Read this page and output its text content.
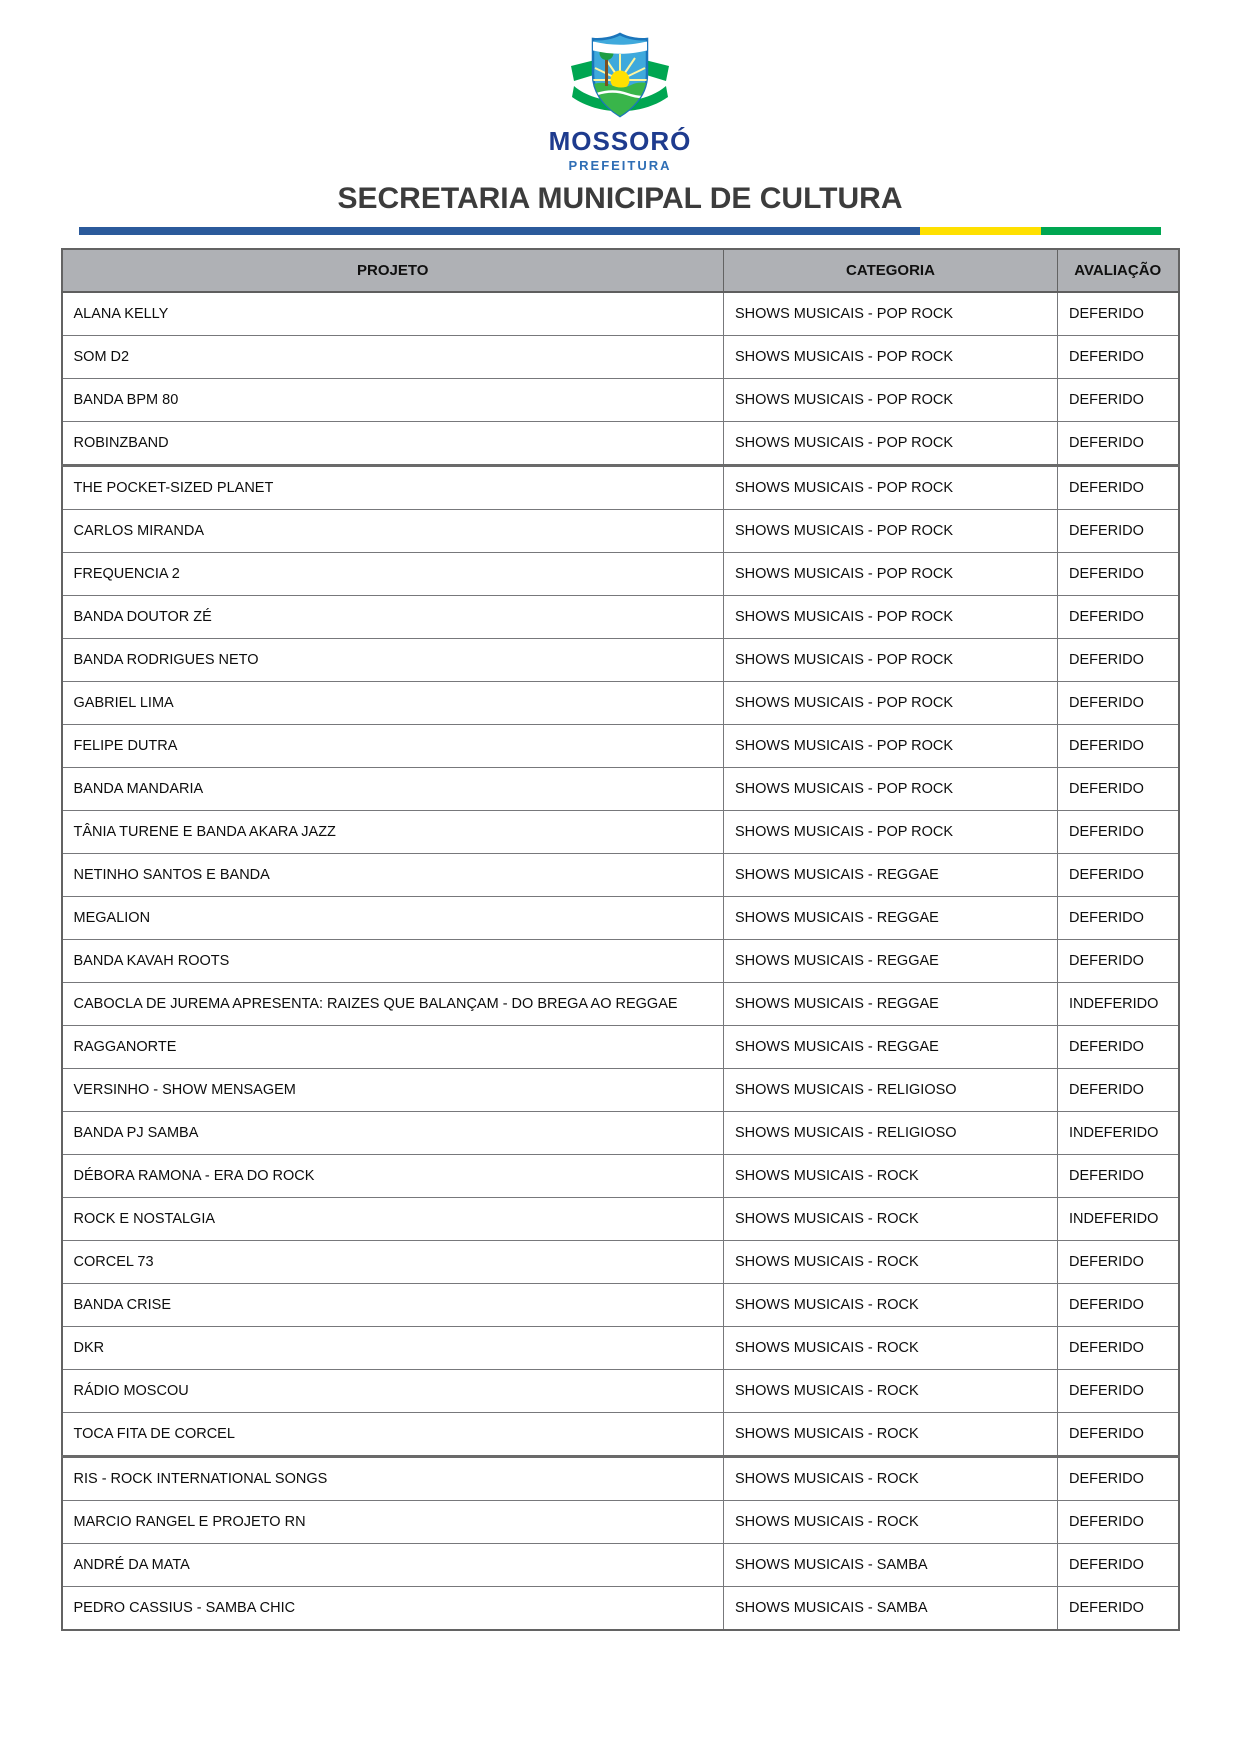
MOSSORÓ
PREFEITURA
SECRETARIA MUNICIPAL DE CULTURA
PROJETO	CATEGORIA	AVALIAÇÃO
ALANA KELLY	SHOWS MUSICAIS - POP ROCK	DEFERIDO
SOM D2	SHOWS MUSICAIS - POP ROCK	DEFERIDO
BANDA BPM 80	SHOWS MUSICAIS - POP ROCK	DEFERIDO
ROBINZBAND	SHOWS MUSICAIS - POP ROCK	DEFERIDO
THE POCKET-SIZED PLANET	SHOWS MUSICAIS - POP ROCK	DEFERIDO
CARLOS MIRANDA	SHOWS MUSICAIS - POP ROCK	DEFERIDO
FREQUENCIA 2	SHOWS MUSICAIS - POP ROCK	DEFERIDO
BANDA DOUTOR ZÉ	SHOWS MUSICAIS - POP ROCK	DEFERIDO
BANDA RODRIGUES NETO	SHOWS MUSICAIS - POP ROCK	DEFERIDO
GABRIEL LIMA	SHOWS MUSICAIS - POP ROCK	DEFERIDO
FELIPE DUTRA	SHOWS MUSICAIS - POP ROCK	DEFERIDO
BANDA MANDARIA	SHOWS MUSICAIS - POP ROCK	DEFERIDO
TÂNIA TURENE E BANDA AKARA JAZZ	SHOWS MUSICAIS - POP ROCK	DEFERIDO
NETINHO SANTOS E BANDA	SHOWS MUSICAIS - REGGAE	DEFERIDO
MEGALION	SHOWS MUSICAIS - REGGAE	DEFERIDO
BANDA KAVAH ROOTS	SHOWS MUSICAIS - REGGAE	DEFERIDO
CABOCLA DE JUREMA APRESENTA: RAIZES QUE BALANÇAM - DO BREGA AO REGGAE	SHOWS MUSICAIS - REGGAE	INDEFERIDO
RAGGANORTE	SHOWS MUSICAIS - REGGAE	DEFERIDO
VERSINHO - SHOW MENSAGEM	SHOWS MUSICAIS - RELIGIOSO	DEFERIDO
BANDA PJ SAMBA	SHOWS MUSICAIS - RELIGIOSO	INDEFERIDO
DÉBORA RAMONA - ERA DO ROCK	SHOWS MUSICAIS - ROCK	DEFERIDO
ROCK E NOSTALGIA	SHOWS MUSICAIS - ROCK	INDEFERIDO
CORCEL 73	SHOWS MUSICAIS - ROCK	DEFERIDO
BANDA CRISE	SHOWS MUSICAIS - ROCK	DEFERIDO
DKR	SHOWS MUSICAIS - ROCK	DEFERIDO
RÁDIO MOSCOU	SHOWS MUSICAIS - ROCK	DEFERIDO
TOCA FITA DE CORCEL	SHOWS MUSICAIS - ROCK	DEFERIDO
RIS - ROCK INTERNATIONAL SONGS	SHOWS MUSICAIS - ROCK	DEFERIDO
MARCIO RANGEL E PROJETO RN	SHOWS MUSICAIS - ROCK	DEFERIDO
ANDRÉ DA MATA	SHOWS MUSICAIS - SAMBA	DEFERIDO
PEDRO CASSIUS - SAMBA CHIC	SHOWS MUSICAIS - SAMBA	DEFERIDO
